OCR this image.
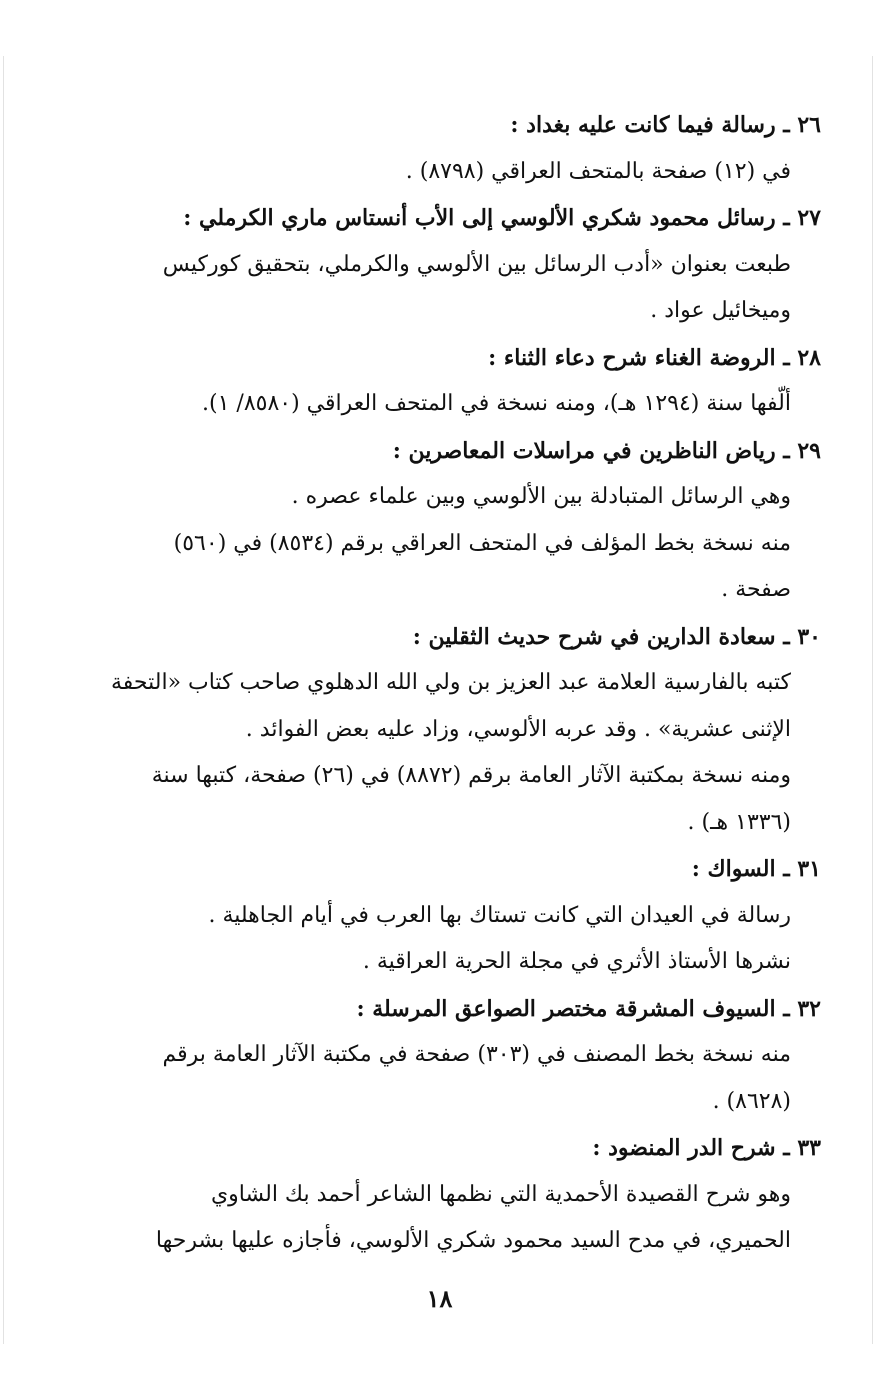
٢٦ ـ رسالة فيما كانت عليه بغداد :
في (١٢) صفحة بالمتحف العراقي (٨٧٩٨) .
٢٧ ـ رسائل محمود شكري الألوسي إلى الأب أنستاس ماري الكرملي :
طبعت بعنوان «أدب الرسائل بين الألوسي والكرملي، بتحقيق كوركيس
وميخائيل عواد .
٢٨ ـ الروضة الغناء شرح دعاء الثناء :
ألّفها سنة (١٢٩٤ هـ)، ومنه نسخة في المتحف العراقي (٨٥٨٠/ ١).
٢٩ ـ رياض الناظرين في مراسلات المعاصرين :
وهي الرسائل المتبادلة بين الألوسي وبين علماء عصره .
منه نسخة بخط المؤلف في المتحف العراقي برقم (٨٥٣٤) في (٥٦٠)
صفحة .
٣٠ ـ سعادة الدارين في شرح حديث الثقلين :
كتبه بالفارسية العلامة عبد العزيز بن ولي الله الدهلوي صاحب كتاب «التحفة
الإثنى عشرية» . وقد عربه الألوسي، وزاد عليه بعض الفوائد .
ومنه نسخة بمكتبة الآثار العامة برقم (٨٨٧٢) في (٢٦) صفحة، كتبها سنة
(١٣٣٦ هـ) .
٣١ ـ السواك :
رسالة في العيدان التي كانت تستاك بها العرب في أيام الجاهلية .
نشرها الأستاذ الأثري في مجلة الحرية العراقية .
٣٢ ـ السيوف المشرقة مختصر الصواعق المرسلة :
منه نسخة بخط المصنف في (٣٠٣) صفحة في مكتبة الآثار العامة برقم
(٨٦٢٨) .
٣٣ ـ شرح الدر المنضود :
وهو شرح القصيدة الأحمدية التي نظمها الشاعر أحمد بك الشاوي
الحميري، في مدح السيد محمود شكري الألوسي، فأجازه عليها بشرحها
١٨
